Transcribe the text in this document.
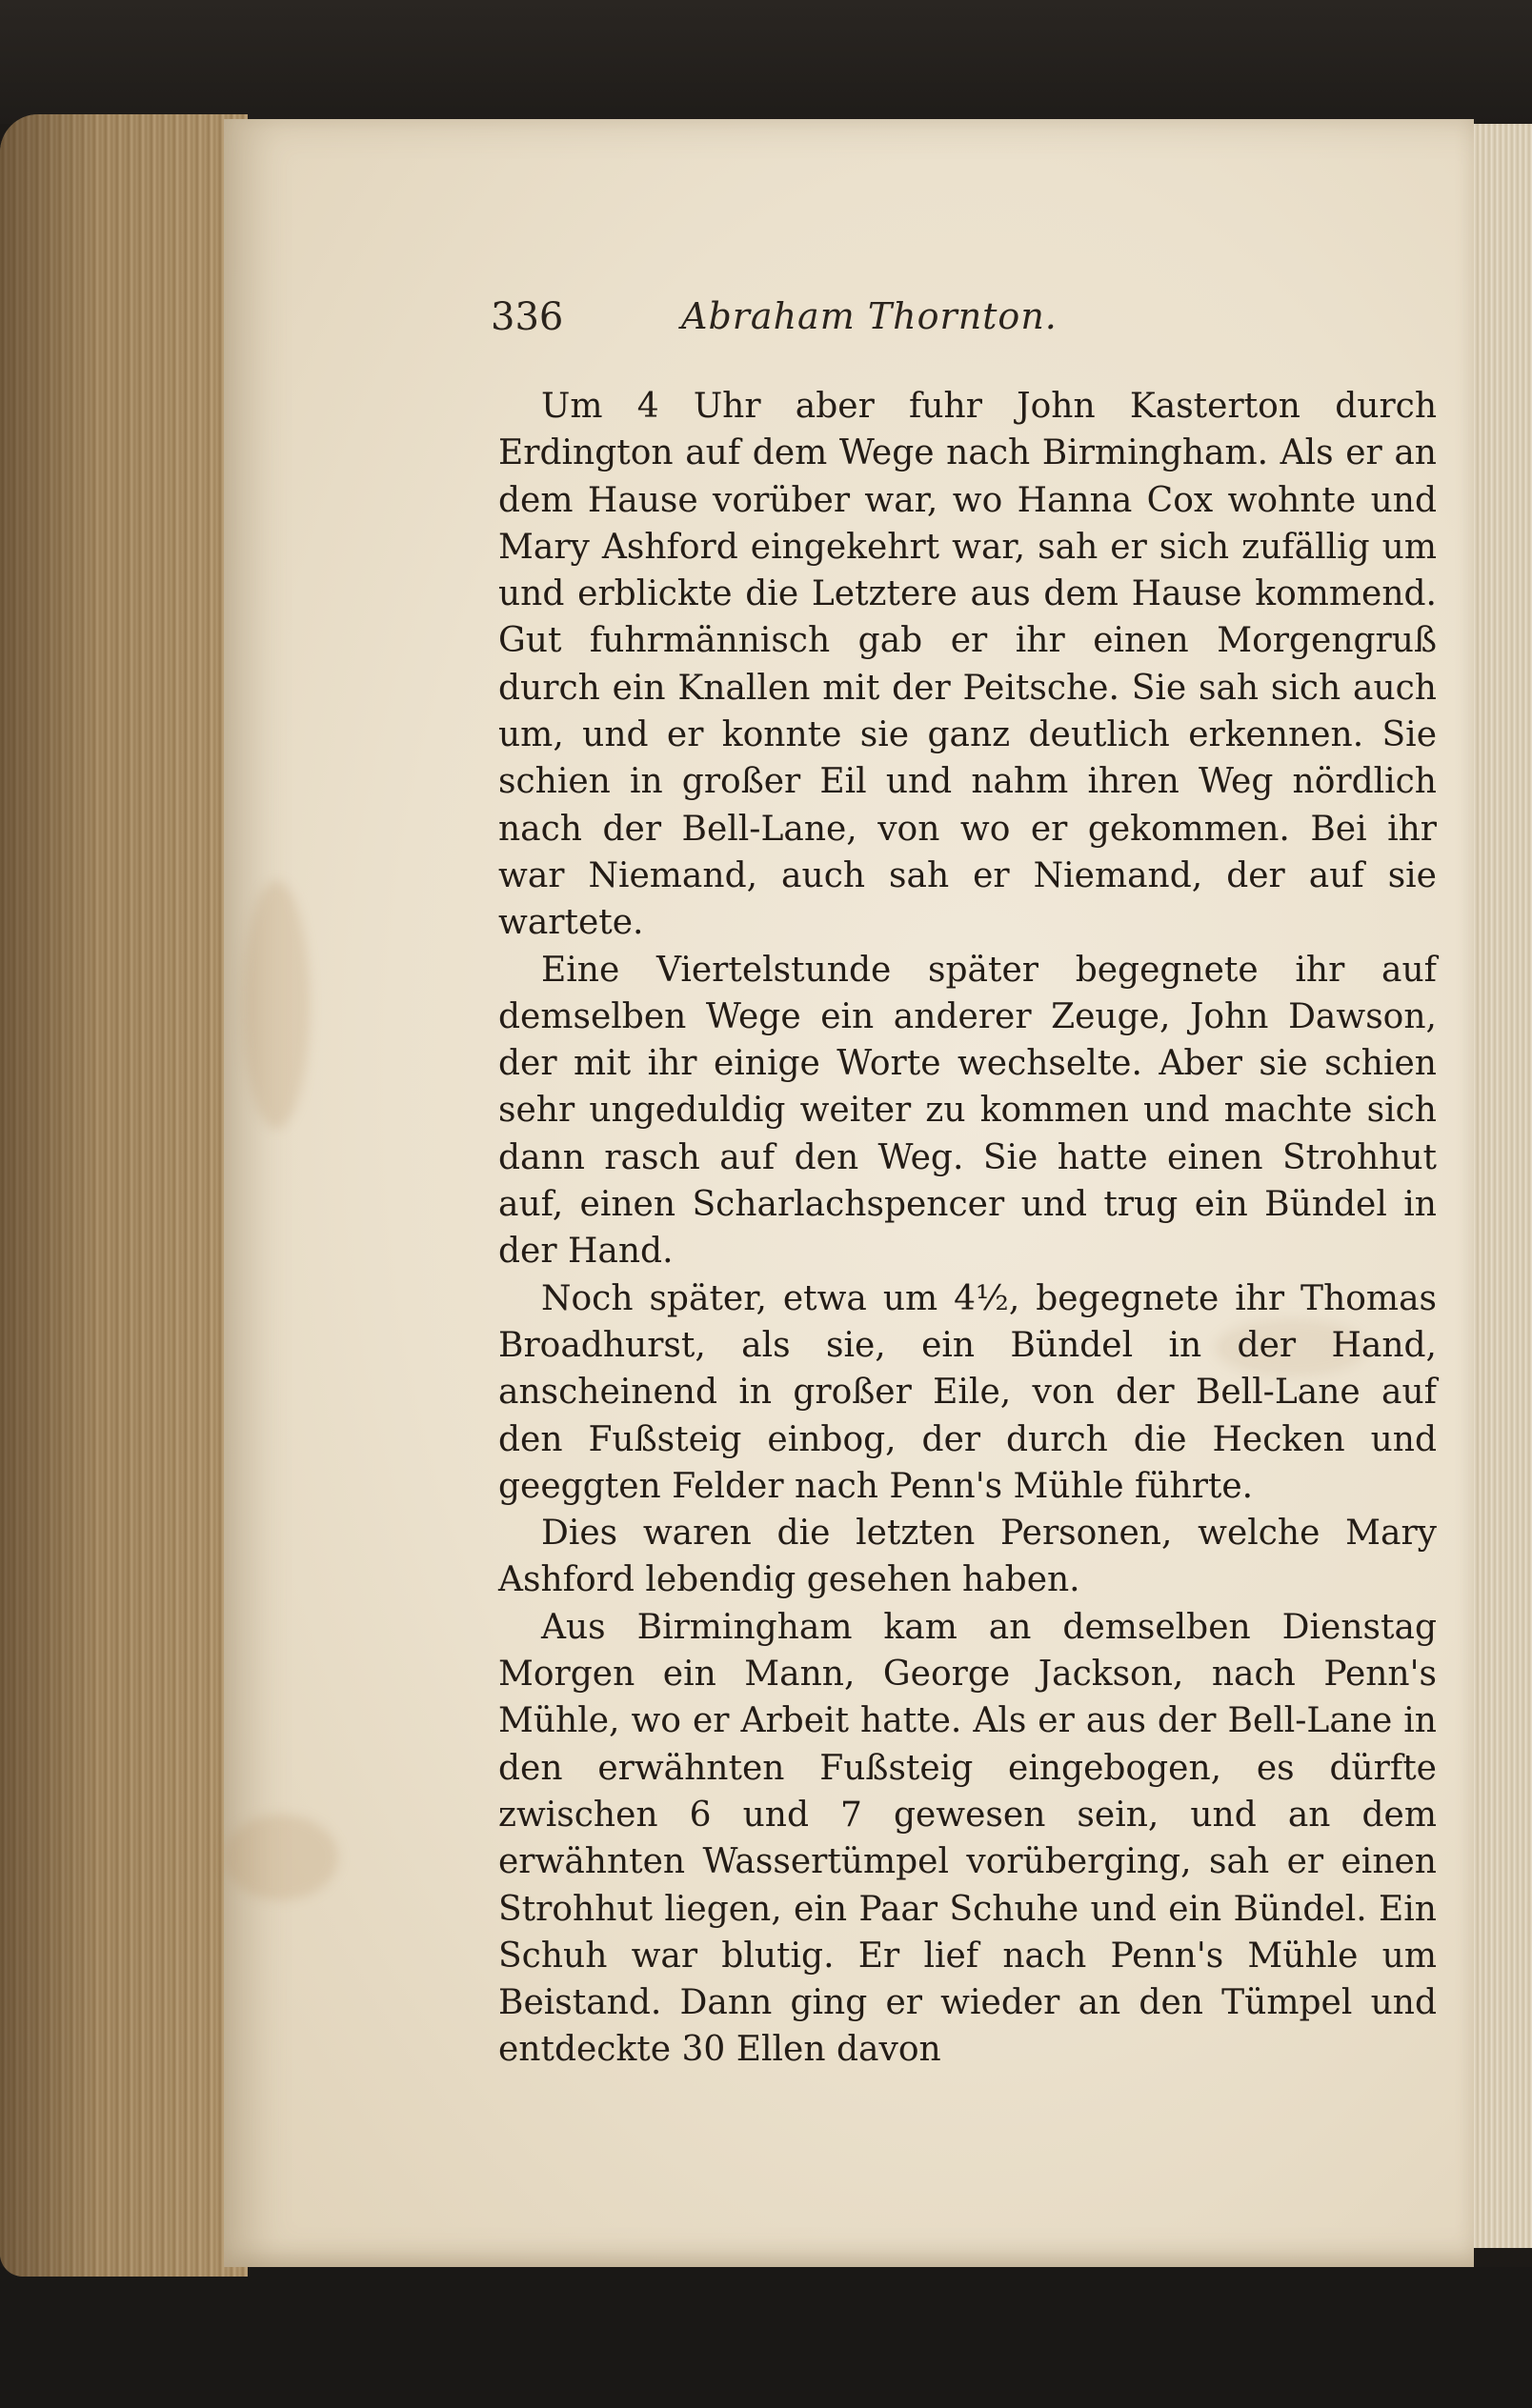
336	Abraham Thornton.

Um 4 Uhr aber fuhr John Kasterton durch Erdington auf dem Wege nach Birmingham. Als er an dem Hause vorüber war, wo Hanna Cox wohnte und Mary Ashford eingekehrt war, sah er sich zufällig um und erblickte die Letztere aus dem Hause kommend. Gut fuhrmännisch gab er ihr einen Morgengruß durch ein Knallen mit der Peitsche. Sie sah sich auch um, und er konnte sie ganz deutlich erkennen. Sie schien in großer Eil und nahm ihren Weg nördlich nach der Bell-Lane, von wo er gekommen. Bei ihr war Niemand, auch sah er Niemand, der auf sie wartete.

Eine Viertelstunde später begegnete ihr auf demselben Wege ein anderer Zeuge, John Dawson, der mit ihr einige Worte wechselte. Aber sie schien sehr ungeduldig weiter zu kommen und machte sich dann rasch auf den Weg. Sie hatte einen Strohhut auf, einen Scharlachspencer und trug ein Bündel in der Hand.

Noch später, etwa um 4½, begegnete ihr Thomas Broadhurst, als sie, ein Bündel in der Hand, anscheinend in großer Eile, von der Bell-Lane auf den Fußsteig einbog, der durch die Hecken und geeggten Felder nach Penn's Mühle führte.

Dies waren die letzten Personen, welche Mary Ashford lebendig gesehen haben.

Aus Birmingham kam an demselben Dienstag Morgen ein Mann, George Jackson, nach Penn's Mühle, wo er Arbeit hatte. Als er aus der Bell-Lane in den erwähnten Fußsteig eingebogen, es dürfte zwischen 6 und 7 gewesen sein, und an dem erwähnten Wassertümpel vorüberging, sah er einen Strohhut liegen, ein Paar Schuhe und ein Bündel. Ein Schuh war blutig. Er lief nach Penn's Mühle um Beistand. Dann ging er wieder an den Tümpel und entdeckte 30 Ellen davon
